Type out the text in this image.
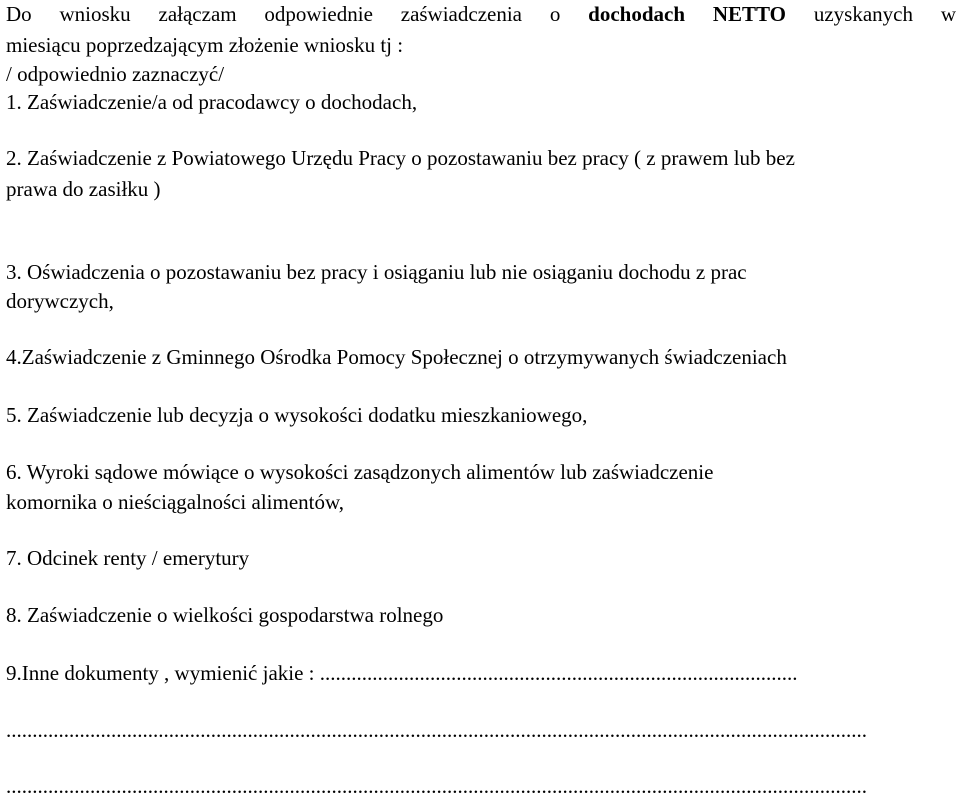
Do wniosku załączam odpowiednie zaświadczenia o dochodach NETTO uzyskanych w
miesiącu poprzedzającym złożenie wniosku tj :
/ odpowiednio zaznaczyć/
1. Zaświadczenie/a od pracodawcy o dochodach,
2. Zaświadczenie z Powiatowego Urzędu Pracy o pozostawaniu bez pracy ( z prawem lub bez
prawa do zasiłku )
3. Oświadczenia o pozostawaniu bez pracy i osiąganiu lub nie osiąganiu dochodu z prac
dorywczych,
4.Zaświadczenie z Gminnego Ośrodka Pomocy Społecznej o otrzymywanych świadczeniach
5. Zaświadczenie lub decyzja o wysokości dodatku mieszkaniowego,
6. Wyroki sądowe mówiące o wysokości zasądzonych alimentów lub zaświadczenie
komornika o nieściągalności alimentów,
7. Odcinek renty / emerytury
8. Zaświadczenie o wielkości gospodarstwa rolnego
9.Inne dokumenty , wymienić jakie : ...........................................................................................
....................................................................................................................................................................
....................................................................................................................................................................
